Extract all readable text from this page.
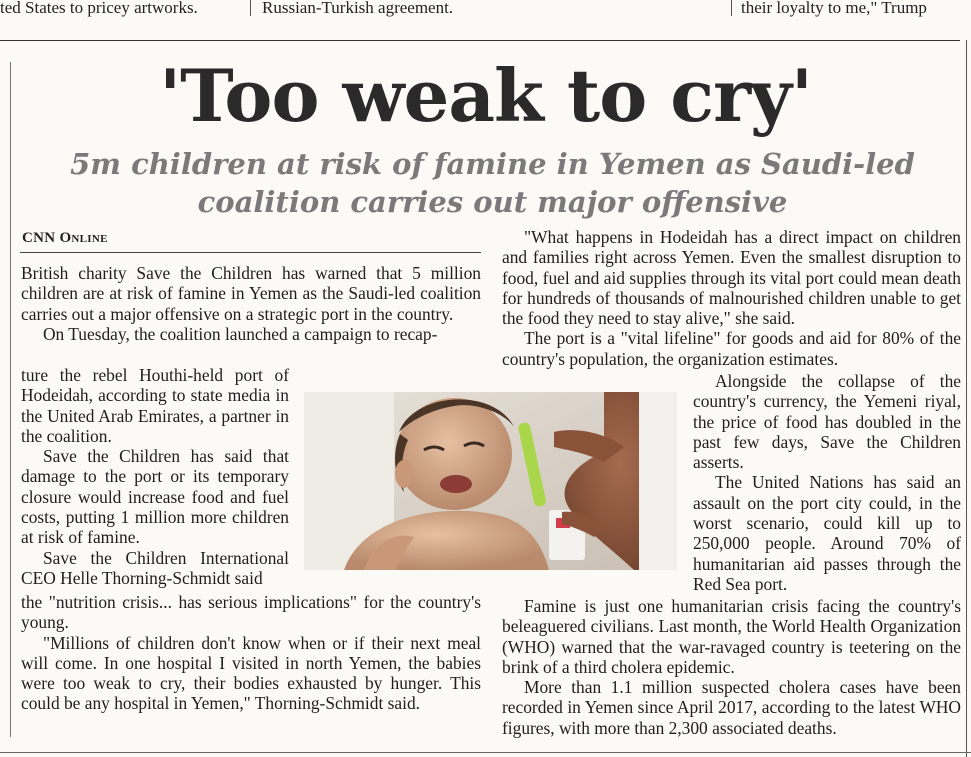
ted States to pricey artworks.	Russian-Turkish agreement.	their loyalty to me," Trump
'Too weak to cry'
5m children at risk of famine in Yemen as Saudi-led
coalition carries out major offensive
CNN Online

British charity Save the Children has warned that 5 million children are at risk of famine in Yemen as the Saudi-led coalition carries out a major offensive on a strategic port in the country.

On Tuesday, the coalition launched a campaign to recap-

ture the rebel Houthi-held port of Hodeidah, according to state media in the United Arab Emirates, a partner in the coalition.

Save the Children has said that damage to the port or its temporary closure would increase food and fuel costs, putting 1 million more children at risk of famine.

Save the Children International CEO Helle Thorning-Schmidt said

the "nutrition crisis... has serious implications" for the country's young.

"Millions of children don't know when or if their next meal will come. In one hospital I visited in north Yemen, the babies were too weak to cry, their bodies exhausted by hunger. This could be any hospital in Yemen," Thorning-Schmidt said.

"What happens in Hodeidah has a direct impact on children and families right across Yemen. Even the smallest disruption to food, fuel and aid supplies through its vital port could mean death for hundreds of thousands of malnourished children unable to get the food they need to stay alive," she said.

The port is a "vital lifeline" for goods and aid for 80% of the country's population, the organization estimates.

Alongside the collapse of the country's currency, the Yemeni riyal, the price of food has doubled in the past few days, Save the Children asserts.

The United Nations has said an assault on the port city could, in the worst scenario, could kill up to 250,000 people. Around 70% of humanitarian aid passes through the Red Sea port.

Famine is just one humanitarian crisis facing the country's beleaguered civilians. Last month, the World Health Organization (WHO) warned that the war-ravaged country is teetering on the brink of a third cholera epidemic.

More than 1.1 million suspected cholera cases have been recorded in Yemen since April 2017, according to the latest WHO figures, with more than 2,300 associated deaths.
